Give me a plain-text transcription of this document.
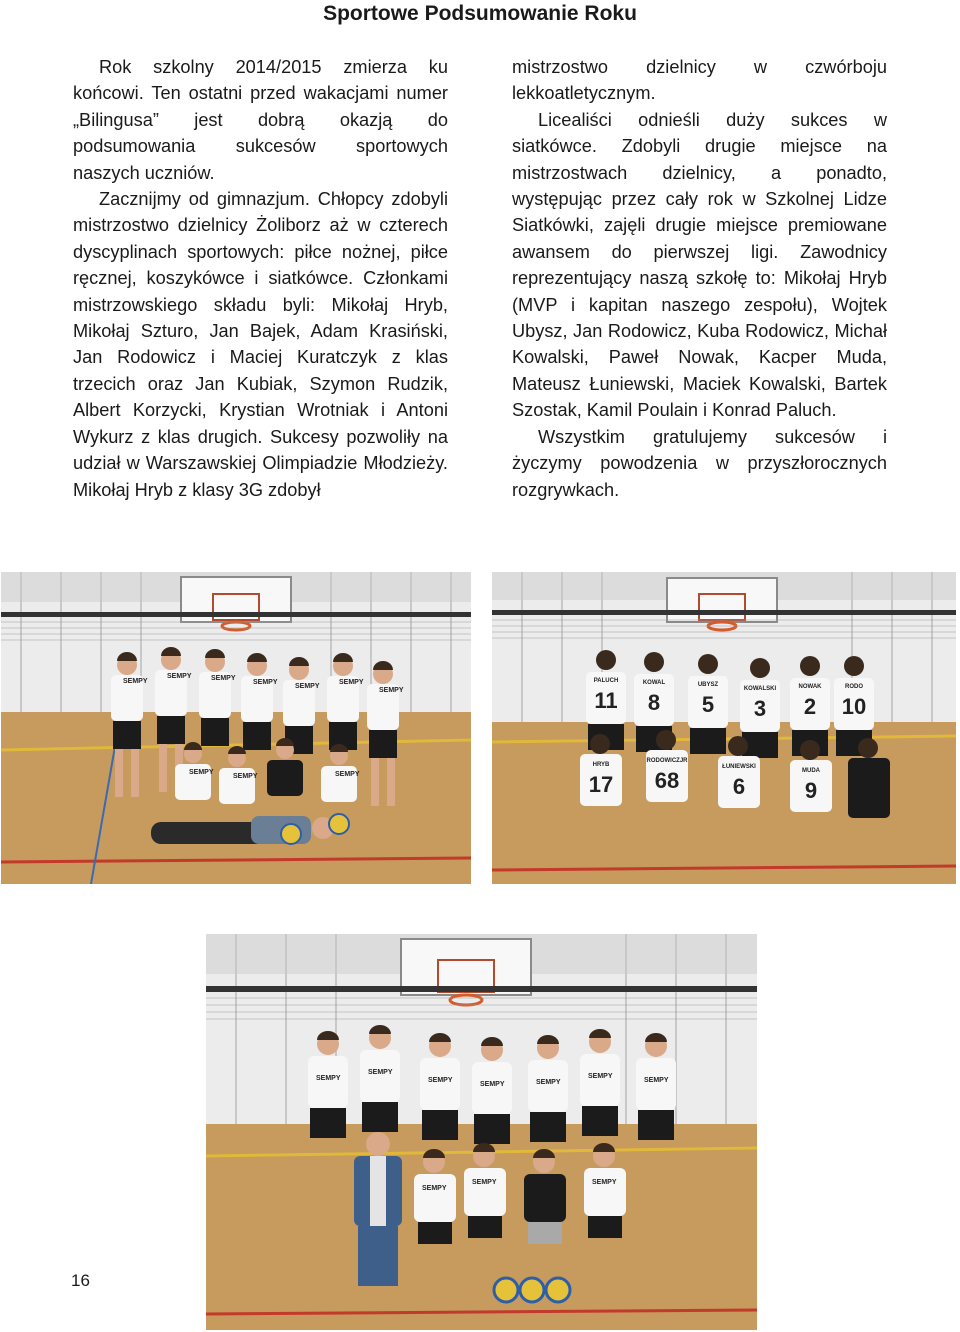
Sportowe Podsumowanie Roku

Rok szkolny 2014/2015 zmierza ku końcowi. Ten ostatni przed wakacjami numer „Bilingusa” jest dobrą okazją do podsumowania sukcesów sportowych naszych uczniów.

Zacznijmy od gimnazjum. Chłopcy zdobyli mistrzostwo dzielnicy Żoliborz aż w czterech dyscyplinach sportowych: piłce nożnej, piłce ręcznej, koszykówce i siatkówce. Członkami mistrzowskiego składu byli: Mikołaj Hryb, Mikołaj Szturo, Jan Bajek, Adam Krasiński, Jan Rodowicz i Maciej Kuratczyk z klas trzecich oraz Jan Kubiak, Szymon Rudzik, Albert Korzycki, Krystian Wrotniak i Antoni Wykurz z klas drugich. Sukcesy pozwoliły na udział w Warszawskiej Olimpiadzie Młodzieży. Mikołaj Hryb z klasy 3G zdobył

mistrzostwo dzielnicy w czwórboju lekkoatletycznym.

Licealiści odnieśli duży sukces w siatkówce. Zdobyli drugie miejsce na mistrzostwach dzielnicy, a ponadto, występując przez cały rok w Szkolnej Lidze Siatkówki, zajęli drugie miejsce premiowane awansem do pierwszej ligi. Zawodnicy reprezentujący naszą szkołę to: Mikołaj Hryb (MVP i kapitan naszego zespołu), Wojtek Ubysz, Jan Rodowicz, Kuba Rodowicz, Michał Kowalski, Paweł Nowak, Kacper Muda, Mateusz Łuniewski, Maciek Kowalski, Bartek Szostak, Kamil Poulain i Konrad Paluch.

Wszystkim gratulujemy sukcesów i życzymy powodzenia w przyszłorocznych rozgrywkach.

SEMPY
SEMPY	SEMPY
SEMPY
SEMPY
SEMPY
SEMPY
SEMPY
SEMPY	SEMPY
PALUCH
11
KOWAL
8
UBYSZ
5
KOWALSKI
3
NOWAK
2
RODO
10
HRYB
17
RODOWICZJR
68
ŁUNIEWSKI
6
MUDA
9
SEMPY
SEMPY
SEMPY
SEMPY	SEMPY
SEMPY
SEMPY
SEMPY
SEMPY	SEMPY
16
